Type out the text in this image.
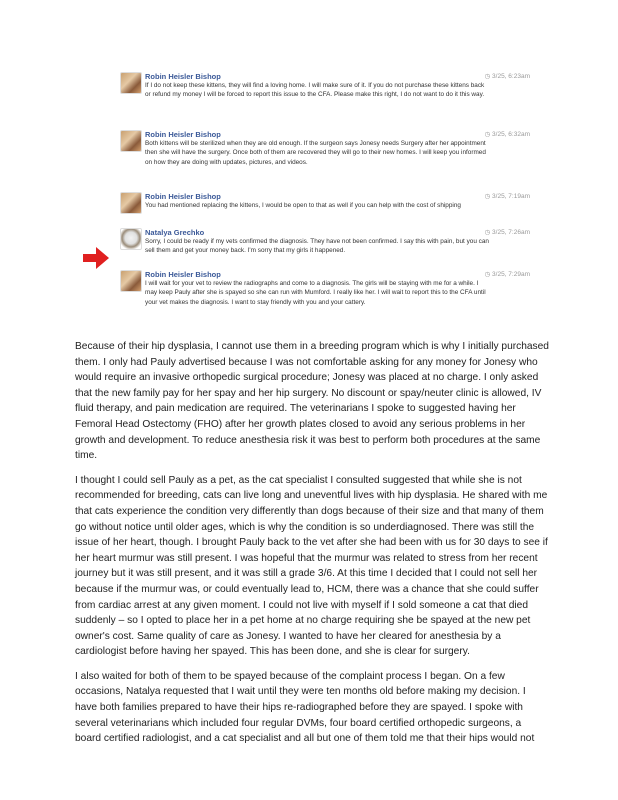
Robin Heisler Bishop	◷ 3/25, 6:23am
If I do not keep these kittens, they will find a loving home. I will make sure of it. If you do not purchase these kittens back or refund my money I will be forced to report this issue to the CFA. Please make this right, I do not want to do it this way.
Robin Heisler Bishop	◷ 3/25, 6:32am
Both kittens will be sterilized when they are old enough. If the surgeon says Jonesy needs Surgery after her appointment then she will have the surgery. Once both of them are recovered they will go to their new homes. I will keep you informed on how they are doing with updates, pictures, and videos.
Robin Heisler Bishop	◷ 3/25, 7:19am
You had mentioned replacing the kittens, I would be open to that as well if you can help with the cost of shipping
Natalya Grechko	◷ 3/25, 7:26am
Sorry, I could be ready if my vets confirmed the diagnosis. They have not been confirmed. I say this with pain, but you can sell them and get your money back. I'm sorry that my girls it happened.
Robin Heisler Bishop	◷ 3/25, 7:29am
I will wait for your vet to review the radiographs and come to a diagnosis. The girls will be staying with me for a while. I may keep Pauly after she is spayed so she can run with Mumford. I really like her. I will wait to report this to the CFA until your vet makes the diagnosis. I want to stay friendly with you and your cattery.

Because of their hip dysplasia, I cannot use them in a breeding program which is why I initially purchased them. I only had Pauly advertised because I was not comfortable asking for any money for Jonesy who would require an invasive orthopedic surgical procedure; Jonesy was placed at no charge. I only asked that the new family pay for her spay and her hip surgery. No discount or spay/neuter clinic is allowed, IV fluid therapy, and pain medication are required. The veterinarians I spoke to suggested having her Femoral Head Ostectomy (FHO) after her growth plates closed to avoid any serious problems in her growth and development. To reduce anesthesia risk it was best to perform both procedures at the same time.

I thought I could sell Pauly as a pet, as the cat specialist I consulted suggested that while she is not recommended for breeding, cats can live long and uneventful lives with hip dysplasia. He shared with me that cats experience the condition very differently than dogs because of their size and that many of them go without notice until older ages, which is why the condition is so underdiagnosed. There was still the issue of her heart, though. I brought Pauly back to the vet after she had been with us for 30 days to see if her heart murmur was still present. I was hopeful that the murmur was related to stress from her recent journey but it was still present, and it was still a grade 3/6. At this time I decided that I could not sell her because if the murmur was, or could eventually lead to, HCM, there was a chance that she could suffer from cardiac arrest at any given moment. I could not live with myself if I sold someone a cat that died suddenly – so I opted to place her in a pet home at no charge requiring she be spayed at the new pet owner's cost. Same quality of care as Jonesy. I wanted to have her cleared for anesthesia by a cardiologist before having her spayed. This has been done, and she is clear for surgery.

I also waited for both of them to be spayed because of the complaint process I began. On a few occasions, Natalya requested that I wait until they were ten months old before making my decision. I have both families prepared to have their hips re-radiographed before they are spayed. I spoke with several veterinarians which included four regular DVMs, four board certified orthopedic surgeons, a board certified radiologist, and a cat specialist and all but one of them told me that their hips would not
